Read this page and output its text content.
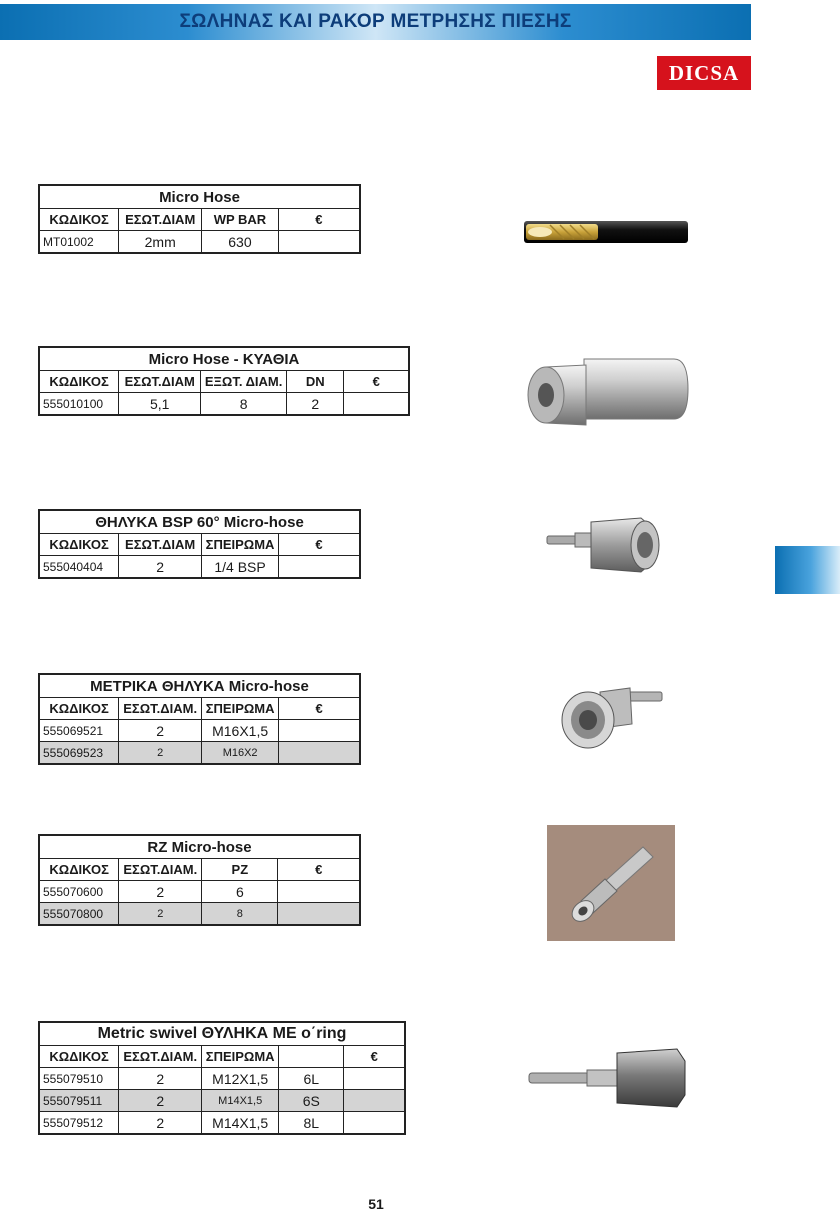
ΣΩΛΗΝΑΣ ΚΑΙ ΡΑΚΟΡ ΜΕΤΡΗΣΗΣ ΠΙΕΣΗΣ
DICSA
Micro Hose			
ΚΩΔΙΚΟΣ	ΕΣΩΤ.ΔΙΑΜ	WP BAR	€
MT01002	2mm	630	
Micro Hose - ΚΥΑΘΙΑ				
ΚΩΔΙΚΟΣ	ΕΣΩΤ.ΔΙΑΜ	ΕΞΩΤ. ΔΙΑΜ.	DN	€
555010100	5,1	8	2	
ΘΗΛΥΚΑ BSP 60° Micro-hose			
ΚΩΔΙΚΟΣ	ΕΣΩΤ.ΔΙΑΜ	ΣΠΕΙΡΩΜΑ	€
555040404	2	1/4 BSP	
ΜΕΤΡΙΚΑ ΘΗΛΥΚΑ Micro-hose			
ΚΩΔΙΚΟΣ	ΕΣΩΤ.ΔΙΑΜ.	ΣΠΕΙΡΩΜΑ	€
555069521	2	M16X1,5	
555069523	2	M16X2	
RZ Micro-hose			
ΚΩΔΙΚΟΣ	ΕΣΩΤ.ΔΙΑΜ.	PZ	€
555070600	2	6	
555070800	2	8	
Metric swivel ΘΥΛΗΚΑ ΜΕ o΄ring				
ΚΩΔΙΚΟΣ	ΕΣΩΤ.ΔΙΑΜ.	ΣΠΕΙΡΩΜΑ		€
555079510	2	M12X1,5	6L	
555079511	2	M14X1,5	6S	
555079512	2	M14X1,5	8L	
51
